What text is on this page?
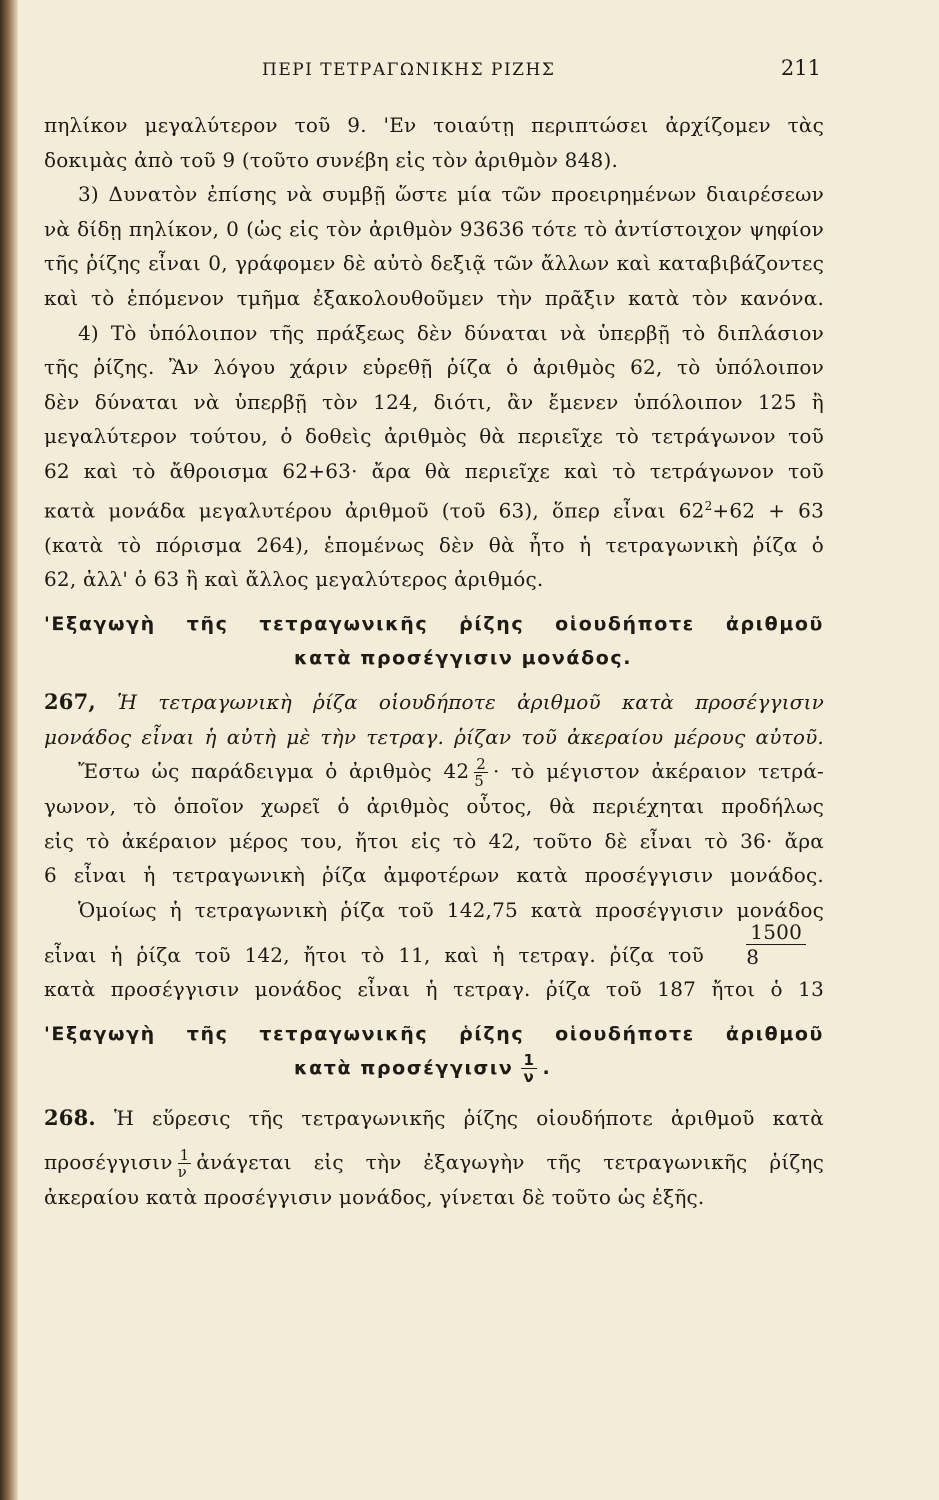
ΠΕΡΙ ΤΕΤΡΑΓΩΝΙΚΗΣ ΡΙΖΗΣ	211
πηλίκον μεγαλύτερον τοῦ 9. 'Εν τοιαύτῃ περιπτώσει ἀρχίζομεν τὰς
δοκιμὰς ἀπὸ τοῦ 9 (τοῦτο συνέβη εἰς τὸν ἀριθμὸν 848).
3) Δυνατὸν ἐπίσης νὰ συμβῇ ὥστε μία τῶν προειρημένων διαιρέσεων
νὰ δίδῃ πηλίκον, 0 (ὡς εἰς τὸν ἀριθμὸν 93636 τότε τὸ ἀντίστοιχον ψηφίον
τῆς ῥίζης εἶναι 0, γράφομεν δὲ αὐτὸ δεξιᾷ τῶν ἄλλων καὶ καταβιβάζοντες
καὶ τὸ ἑπόμενον τμῆμα ἐξακολουθοῦμεν τὴν πρᾶξιν κατὰ τὸν κανόνα.
4) Τὸ ὑπόλοιπον τῆς πράξεως δὲν δύναται νὰ ὑπερβῇ τὸ διπλάσιον
τῆς ῥίζης. Ἂν λόγου χάριν εὑρεθῇ ῥίζα ὁ ἀριθμὸς 62, τὸ ὑπόλοιπον
δὲν δύναται νὰ ὑπερβῇ τὸν 124, διότι, ἂν ἔμενεν ὑπόλοιπον 125 ἢ
μεγαλύτερον τούτου, ὁ δοθεὶς ἀριθμὸς θὰ περιεῖχε τὸ τετράγωνον τοῦ
62 καὶ τὸ ἄθροισμα 62+63· ἄρα θὰ περιεῖχε καὶ τὸ τετράγωνον τοῦ
κατὰ μονάδα μεγαλυτέρου ἀριθμοῦ (τοῦ 63), ὅπερ εἶναι $62^2+62 + 63$
(κατὰ τὸ πόρισμα 264), ἑπομένως δὲν θὰ ἦτο ἡ τετραγωνικὴ ῥίζα ὁ
62, ἀλλ' ὁ 63 ἢ καὶ ἄλλος μεγαλύτερος ἀριθμός.
'Εξαγωγὴ τῆς τετραγωνικῆς ῥίζης οἱουδήποτε ἀριθμοῦ
κατὰ προσέγγισιν μονάδος.
267, Ἡ τετραγωνικὴ ῥίζα οἱουδήποτε ἀριθμοῦ κατὰ προσέγγισιν
μονάδος εἶναι ἡ αὐτὴ μὲ τὴν τετραγ. ῥίζαν τοῦ ἀκεραίου μέρους αὐτοῦ.
Ἔστω ὡς παράδειγμα ὁ ἀριθμὸς $42 \frac{2}{5}$ · τὸ μέγιστον ἀκέραιον τετρά-
γωνον, τὸ ὁποῖον χωρεῖ ὁ ἀριθμὸς οὗτος, θὰ περιέχηται προδήλως
εἰς τὸ ἀκέραιον μέρος του, ἤτοι εἰς τὸ 42, τοῦτο δὲ εἶναι τὸ 36· ἄρα
6 εἶναι ἡ τετραγωνικὴ ῥίζα ἀμφοτέρων κατὰ προσέγγισιν μονάδος.
Ὁμοίως ἡ τετραγωνικὴ ῥίζα τοῦ 142,75 κατὰ προσέγγισιν μονάδος
εἶναι ἡ ῥίζα τοῦ 142, ἤτοι τὸ 11, καὶ ἡ τετραγ. ῥίζα τοῦ $\frac{1500}{8}$
κατὰ προσέγγισιν μονάδος εἶναι ἡ τετραγ. ῥίζα τοῦ 187 ἤτοι ὁ 13
'Εξαγωγὴ τῆς τετραγωνικῆς ῥίζης οἱουδήποτε ἀριθμοῦ
κατὰ προσέγγισιν $\frac{1}{\nu}$ .
268. Ἡ εὕρεσις τῆς τετραγωνικῆς ῥίζης οἱουδήποτε ἀριθμοῦ κατὰ
προσέγγισιν $\frac{1}{\nu}$ ἀνάγεται εἰς τὴν ἐξαγωγὴν τῆς τετραγωνικῆς ῥίζης
ἀκεραίου κατὰ προσέγγισιν μονάδος, γίνεται δὲ τοῦτο ὡς ἑξῆς.
